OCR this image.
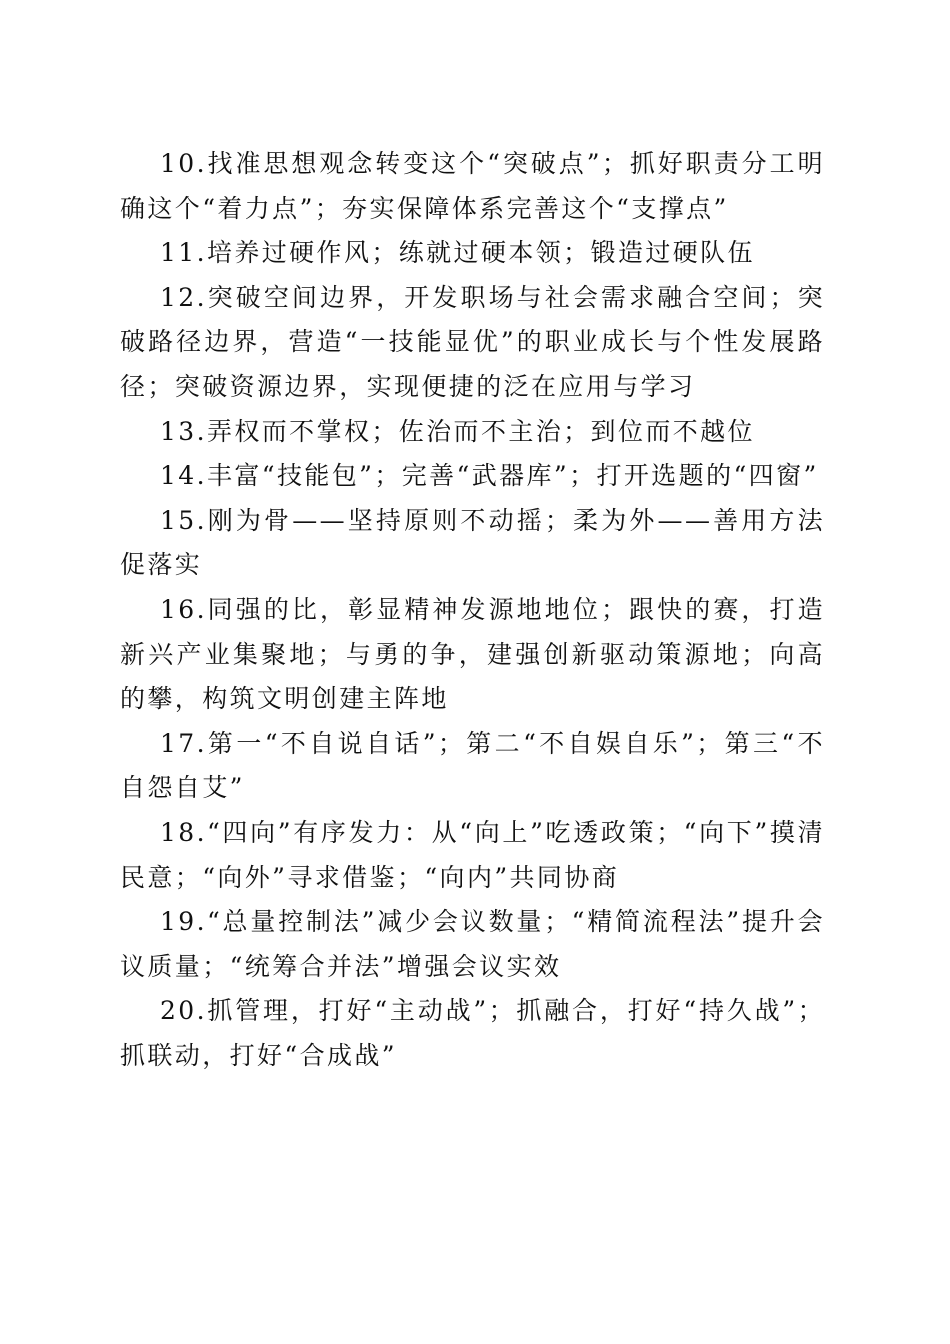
10.找准思想观念转变这个“突破点”；抓好职责分工明确这个“着力点”；夯实保障体系完善这个“支撑点”

11.培养过硬作风；练就过硬本领；锻造过硬队伍

12.突破空间边界，开发职场与社会需求融合空间；突破路径边界，营造“一技能显优”的职业成长与个性发展路径；突破资源边界，实现便捷的泛在应用与学习

13.弄权而不掌权；佐治而不主治；到位而不越位

14.丰富“技能包”；完善“武器库”；打开选题的“四窗”

15.刚为骨——坚持原则不动摇；柔为外——善用方法促落实

16.同强的比，彰显精神发源地地位；跟快的赛，打造新兴产业集聚地；与勇的争，建强创新驱动策源地；向高的攀，构筑文明创建主阵地

17.第一“不自说自话”；第二“不自娱自乐”；第三“不自怨自艾”

18.“四向”有序发力：从“向上”吃透政策；“向下”摸清民意；“向外”寻求借鉴；“向内”共同协商

19.“总量控制法”减少会议数量；“精简流程法”提升会议质量；“统筹合并法”增强会议实效

20.抓管理，打好“主动战”；抓融合，打好“持久战”；抓联动，打好“合成战”
